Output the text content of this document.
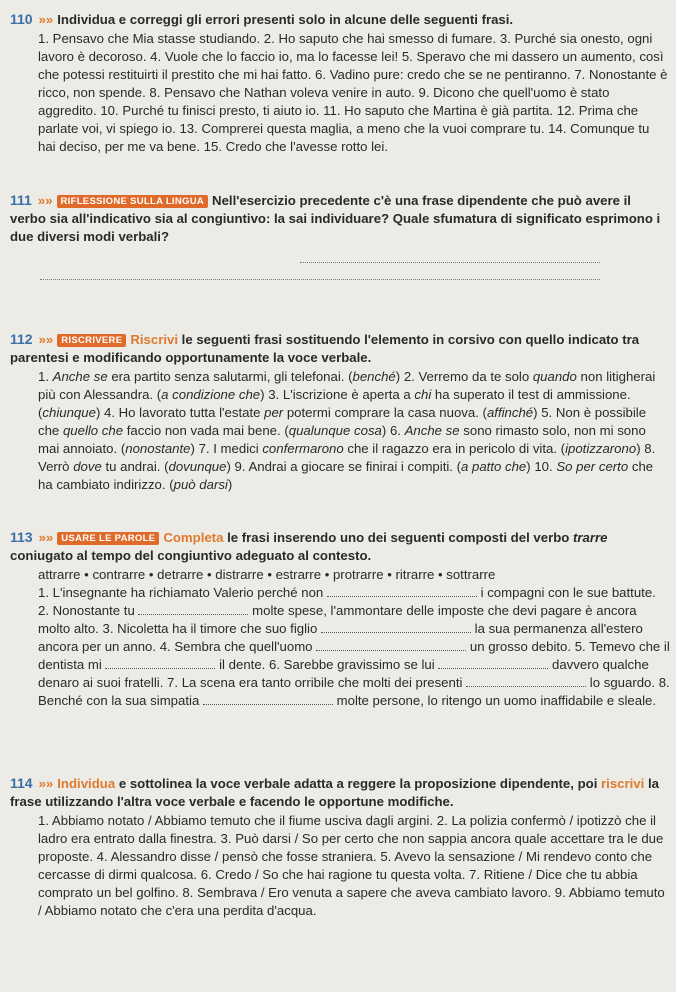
110 »» Individua e correggi gli errori presenti solo in alcune delle seguenti frasi.
1. Pensavo che Mia stasse studiando. 2. Ho saputo che hai smesso di fumare. 3. Purché sia onesto, ogni lavoro è decoroso. 4. Vuole che lo faccio io, ma lo facesse lei! 5. Speravo che mi dassero un aumento, così che potessi restituirti il prestito che mi hai fatto. 6. Vadino pure: credo che se ne pentiranno. 7. Nonostante è ricco, non spende. 8. Pensavo che Nathan voleva venire in auto. 9. Dicono che quell'uomo è stato aggredito. 10. Purché tu finisci presto, ti aiuto io. 11. Ho saputo che Martina è già partita. 12. Prima che parlate voi, vi spiego io. 13. Comprerei questa maglia, a meno che la vuoi comprare tu. 14. Comunque tu hai deciso, per me va bene. 15. Credo che l'avesse rotto lei.
111 »» RIFLESSIONE SULLA LINGUA Nell'esercizio precedente c'è una frase dipendente che può avere il verbo sia all'indicativo sia al congiuntivo: la sai individuare? Quale sfumatura di significato esprimono i due diversi modi verbali?
112 »» RISCRIVERE Riscrivi le seguenti frasi sostituendo l'elemento in corsivo con quello indicato tra parentesi e modificando opportunamente la voce verbale.
1. Anche se era partito senza salutarmi, gli telefonai. (benché) 2. Verremo da te solo quando non litigherai più con Alessandra. (a condizione che) 3. L'iscrizione è aperta a chi ha superato il test di ammissione. (chiunque) 4. Ho lavorato tutta l'estate per potermi comprare la casa nuova. (affinché) 5. Non è possibile che quello che faccio non vada mai bene. (qualunque cosa) 6. Anche se sono rimasto solo, non mi sono mai annoiato. (nonostante) 7. I medici confermarono che il ragazzo era in pericolo di vita. (ipotizzarono) 8. Verrò dove tu andrai. (dovunque) 9. Andrai a giocare se finirai i compiti. (a patto che) 10. So per certo che ha cambiato indirizzo. (può darsi)
113 »» USARE LE PAROLE Completa le frasi inserendo uno dei seguenti composti del verbo trarre coniugato al tempo del congiuntivo adeguato al contesto.
attrarre • contrarre • detrarre • distrarre • estrarre • protrarre • ritrarre • sottrarre
1. L'insegnante ha richiamato Valerio perché non	i compagni con le sue battute. 2. Nonostante tu	molte spese, l'ammontare delle imposte che devi pagare è ancora molto alto. 3. Nicoletta ha il timore che suo figlio	la sua permanenza all'estero ancora per un anno. 4. Sembra che quell'uomo	un grosso debito. 5. Temevo che il dentista mi	il dente. 6. Sarebbe gravissimo se lui	davvero qualche denaro ai suoi fratelli. 7. La scena era tanto orribile che molti dei presenti	lo sguardo. 8. Benché con la sua simpatia	molte persone, lo ritengo un uomo inaffidabile e sleale.
114 »» Individua e sottolinea la voce verbale adatta a reggere la proposizione dipendente, poi riscrivi la frase utilizzando l'altra voce verbale e facendo le opportune modifiche.
1. Abbiamo notato / Abbiamo temuto che il fiume usciva dagli argini. 2. La polizia confermò / ipotizzò che il ladro era entrato dalla finestra. 3. Può darsi / So per certo che non sappia ancora quale accettare tra le due proposte. 4. Alessandro disse / pensò che fosse straniera. 5. Avevo la sensazione / Mi rendevo conto che cercasse di dirmi qualcosa. 6. Credo / So che hai ragione tu questa volta. 7. Ritiene / Dice che tu abbia comprato un bel golfino. 8. Sembrava / Ero venuta a sapere che aveva cambiato lavoro. 9. Abbiamo temuto / Abbiamo notato che c'era una perdita d'acqua.
